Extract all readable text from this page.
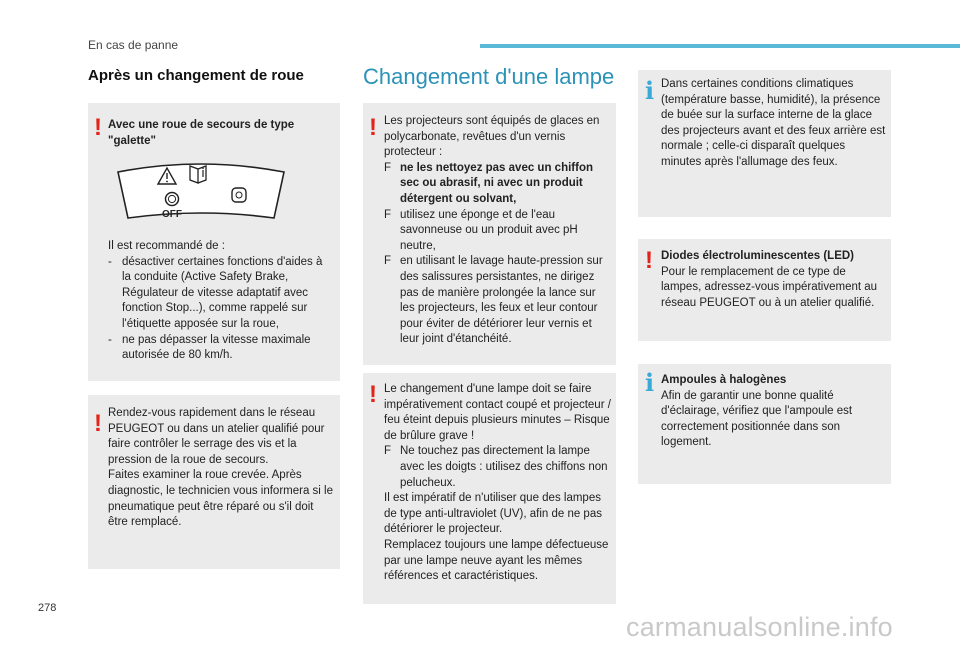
En cas de panne
Après un changement de roue
! Avec une roue de secours de type "galette"

OFF

Il est recommandé de :

- désactiver certaines fonctions d'aides à la conduite (Active Safety Brake, Régulateur de vitesse adaptatif avec fonction Stop...), comme rappelé sur l'étiquette apposée sur la roue,

- ne pas dépasser la vitesse maximale autorisée de 80 km/h.

! Rendez-vous rapidement dans le réseau PEUGEOT ou dans un atelier qualifié pour faire contrôler le serrage des vis et la pression de la roue de secours.

Faites examiner la roue crevée. Après diagnostic, le technicien vous informera si le pneumatique peut être réparé ou s'il doit être remplacé.

Changement d'une lampe
! Les projecteurs sont équipés de glaces en polycarbonate, revêtues d'un vernis protecteur :

F ne les nettoyez pas avec un chiffon sec ou abrasif, ni avec un produit détergent ou solvant,

F utilisez une éponge et de l'eau savonneuse ou un produit avec pH neutre,

F en utilisant le lavage haute-pression sur des salissures persistantes, ne dirigez pas de manière prolongée la lance sur les projecteurs, les feux et leur contour pour éviter de détériorer leur vernis et leur joint d'étanchéité.

! Le changement d'une lampe doit se faire impérativement contact coupé et projecteur / feu éteint depuis plusieurs minutes – Risque de brûlure grave !

F Ne touchez pas directement la lampe avec les doigts : utilisez des chiffons non pelucheux.

Il est impératif de n'utiliser que des lampes de type anti-ultraviolet (UV), afin de ne pas détériorer le projecteur.

Remplacez toujours une lampe défectueuse par une lampe neuve ayant les mêmes références et caractéristiques.

i Dans certaines conditions climatiques (température basse, humidité), la présence de buée sur la surface interne de la glace des projecteurs avant et des feux arrière est normale ; celle-ci disparaît quelques minutes après l'allumage des feux.

! Diodes électroluminescentes (LED)

Pour le remplacement de ce type de lampes, adressez-vous impérativement au réseau PEUGEOT ou à un atelier qualifié.

i Ampoules à halogènes

Afin de garantir une bonne qualité d'éclairage, vérifiez que l'ampoule est correctement positionnée dans son logement.

278
carmanualsonline.info
